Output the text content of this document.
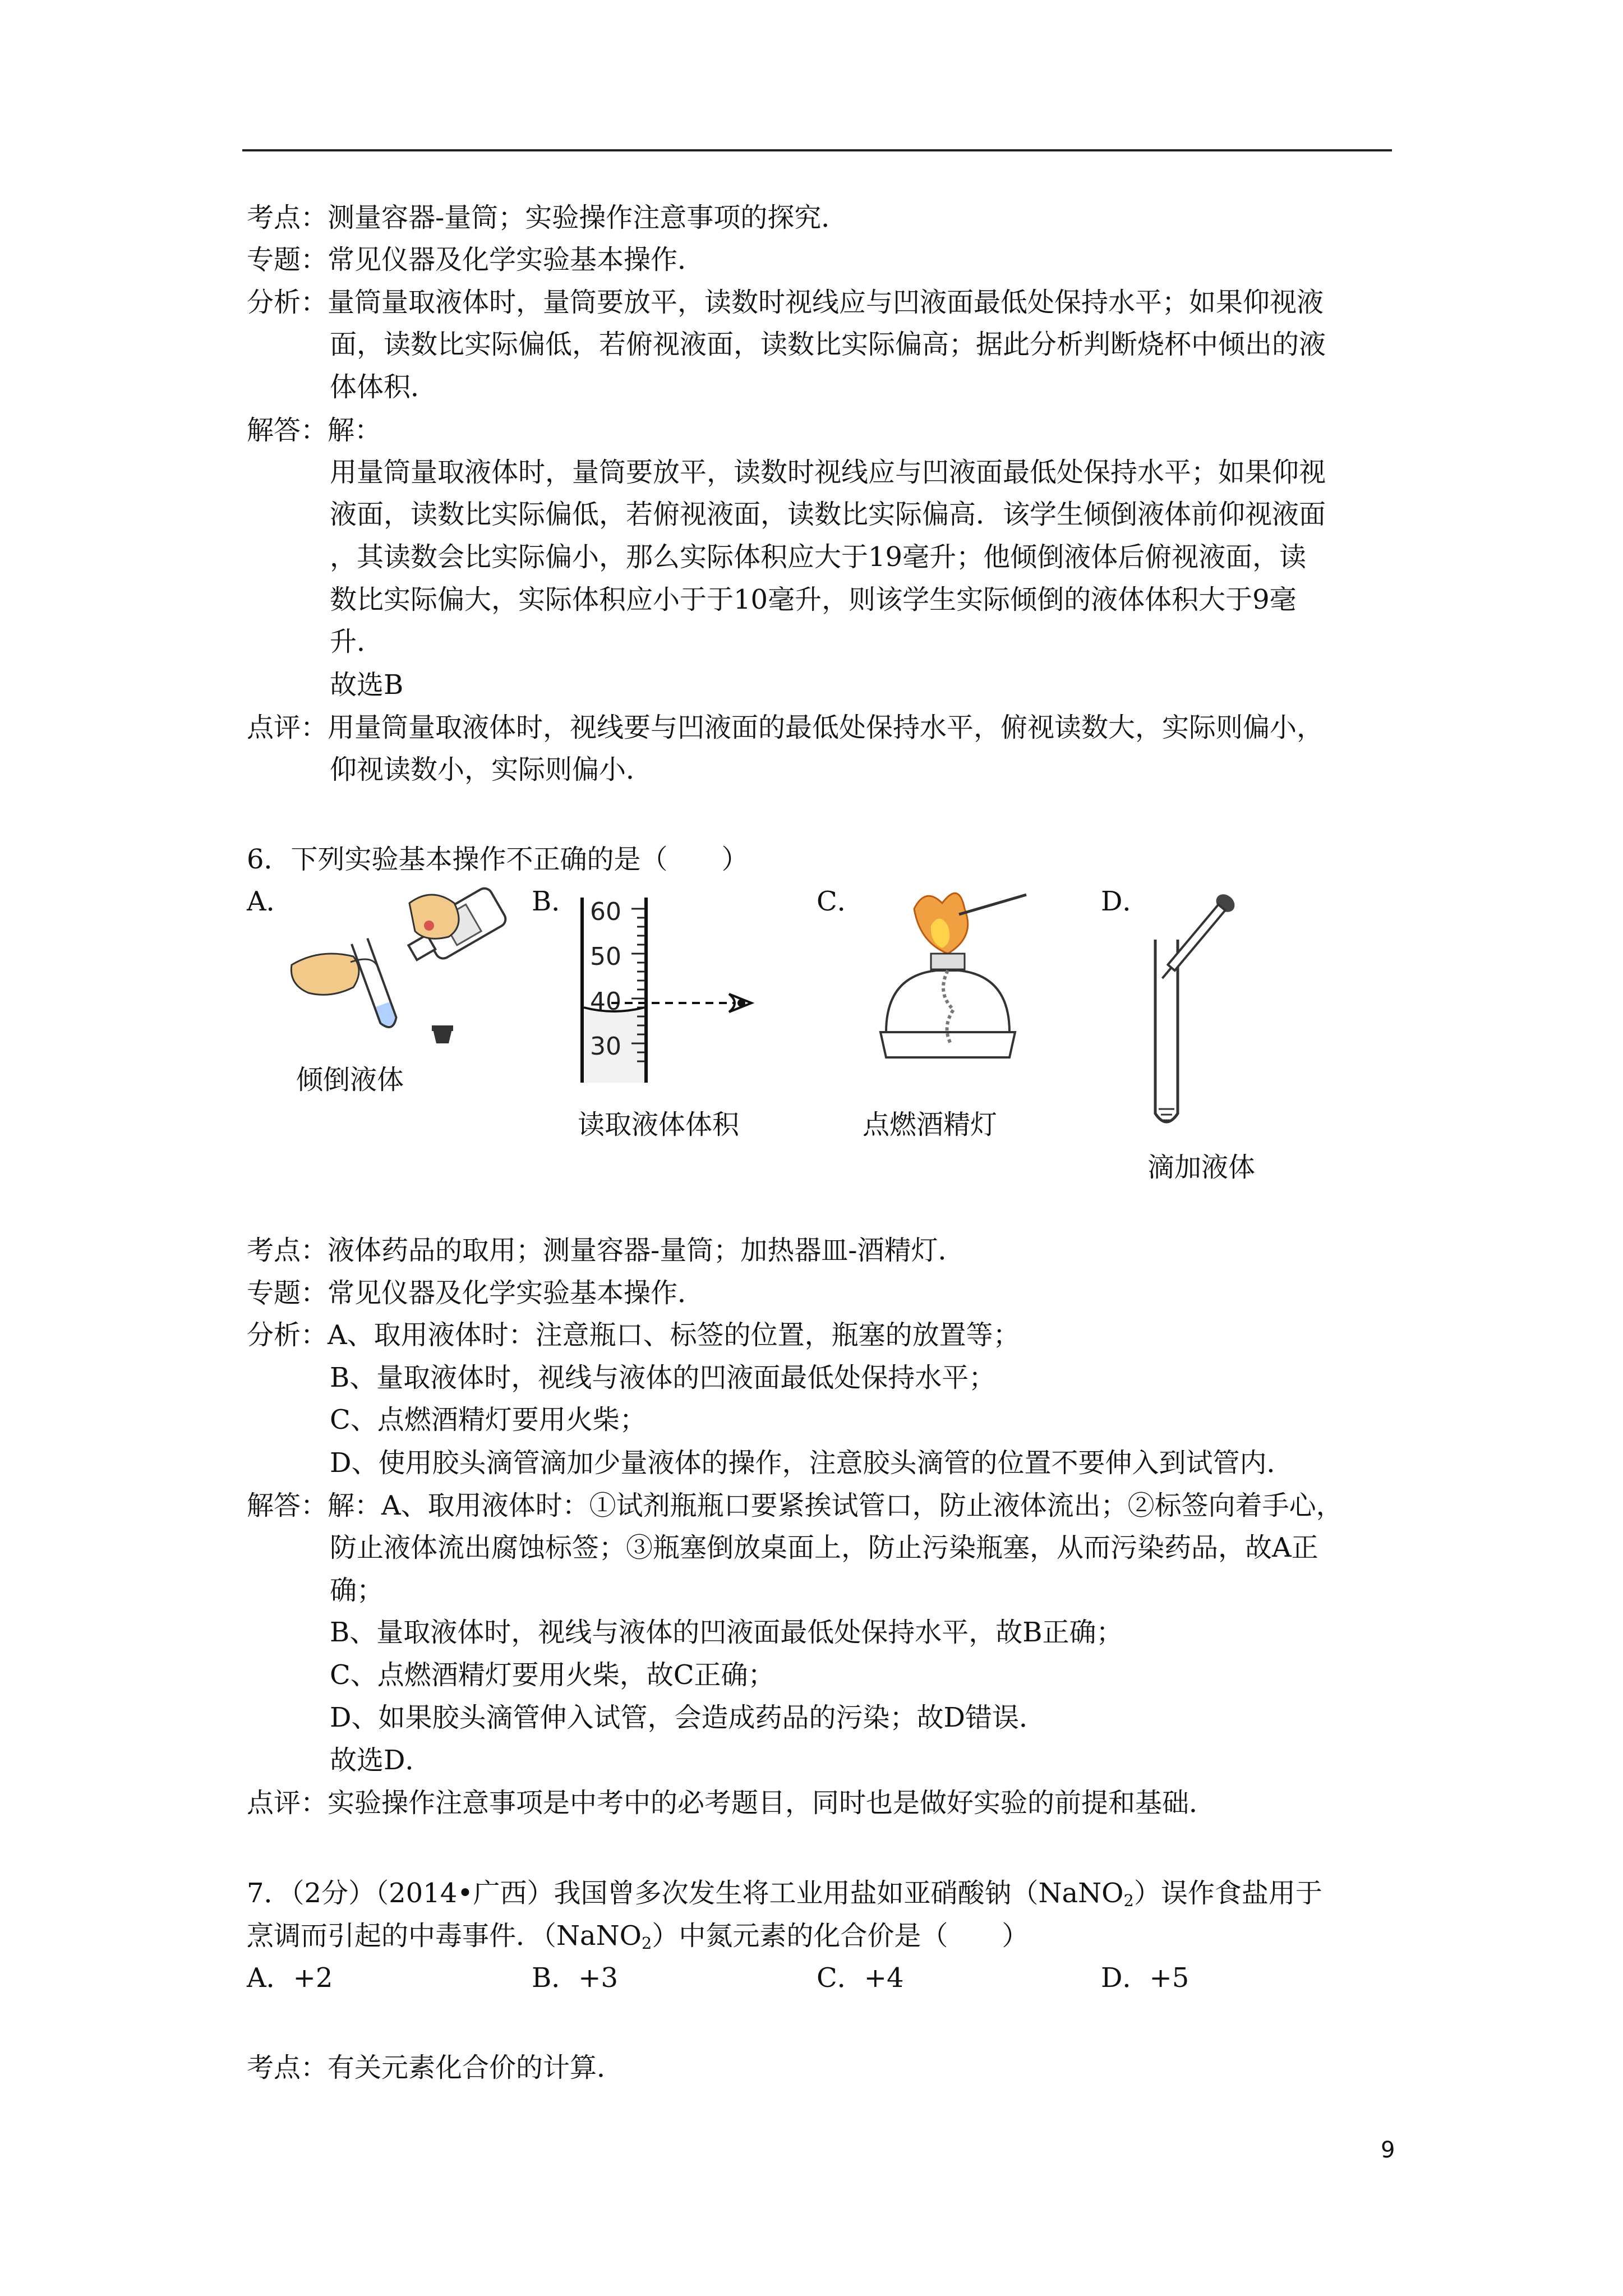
考点：测量容器-量筒；实验操作注意事项的探究．
专题：常见仪器及化学实验基本操作．
分析：量筒量取液体时，量筒要放平，读数时视线应与凹液面最低处保持水平；如果仰视液
面，读数比实际偏低，若俯视液面，读数比实际偏高；据此分析判断烧杯中倾出的液
体体积．
解答：解：
用量筒量取液体时，量筒要放平，读数时视线应与凹液面最低处保持水平；如果仰视
液面，读数比实际偏低，若俯视液面，读数比实际偏高．该学生倾倒液体前仰视液面
，其读数会比实际偏小，那么实际体积应大于19毫升；他倾倒液体后俯视液面，读
数比实际偏大，实际体积应小于于10毫升，则该学生实际倾倒的液体体积大于9毫
升．
故选B
点评：用量筒量取液体时，视线要与凹液面的最低处保持水平，俯视读数大，实际则偏小，
仰视读数小，实际则偏小．
6．下列实验基本操作不正确的是（　　）
A．	B．	C．	D．
倾倒液体
60
50
40
30
读取液体体积	点燃酒精灯
滴加液体
考点：液体药品的取用；测量容器-量筒；加热器皿-酒精灯．
专题：常见仪器及化学实验基本操作．
分析：A、取用液体时：注意瓶口、标签的位置，瓶塞的放置等；
B、量取液体时，视线与液体的凹液面最低处保持水平；
C、点燃酒精灯要用火柴；
D、使用胶头滴管滴加少量液体的操作，注意胶头滴管的位置不要伸入到试管内．
解答：解：A、取用液体时：①试剂瓶瓶口要紧挨试管口，防止液体流出；②标签向着手心，
防止液体流出腐蚀标签；③瓶塞倒放桌面上，防止污染瓶塞，从而污染药品，故A正
确；
B、量取液体时，视线与液体的凹液面最低处保持水平，故B正确；
C、点燃酒精灯要用火柴，故C正确；
D、如果胶头滴管伸入试管，会造成药品的污染；故D错误．
故选D．
点评：实验操作注意事项是中考中的必考题目，同时也是做好实验的前提和基础．
7．（2分）（2014•广西）我国曾多次发生将工业用盐如亚硝酸钠（NaNO$_2$）误作食盐用于
烹调而引起的中毒事件．（NaNO$_2$）中氮元素的化合价是（　　）
A．+2	B．+3	C．+4	D．+5
考点：有关元素化合价的计算．
9
